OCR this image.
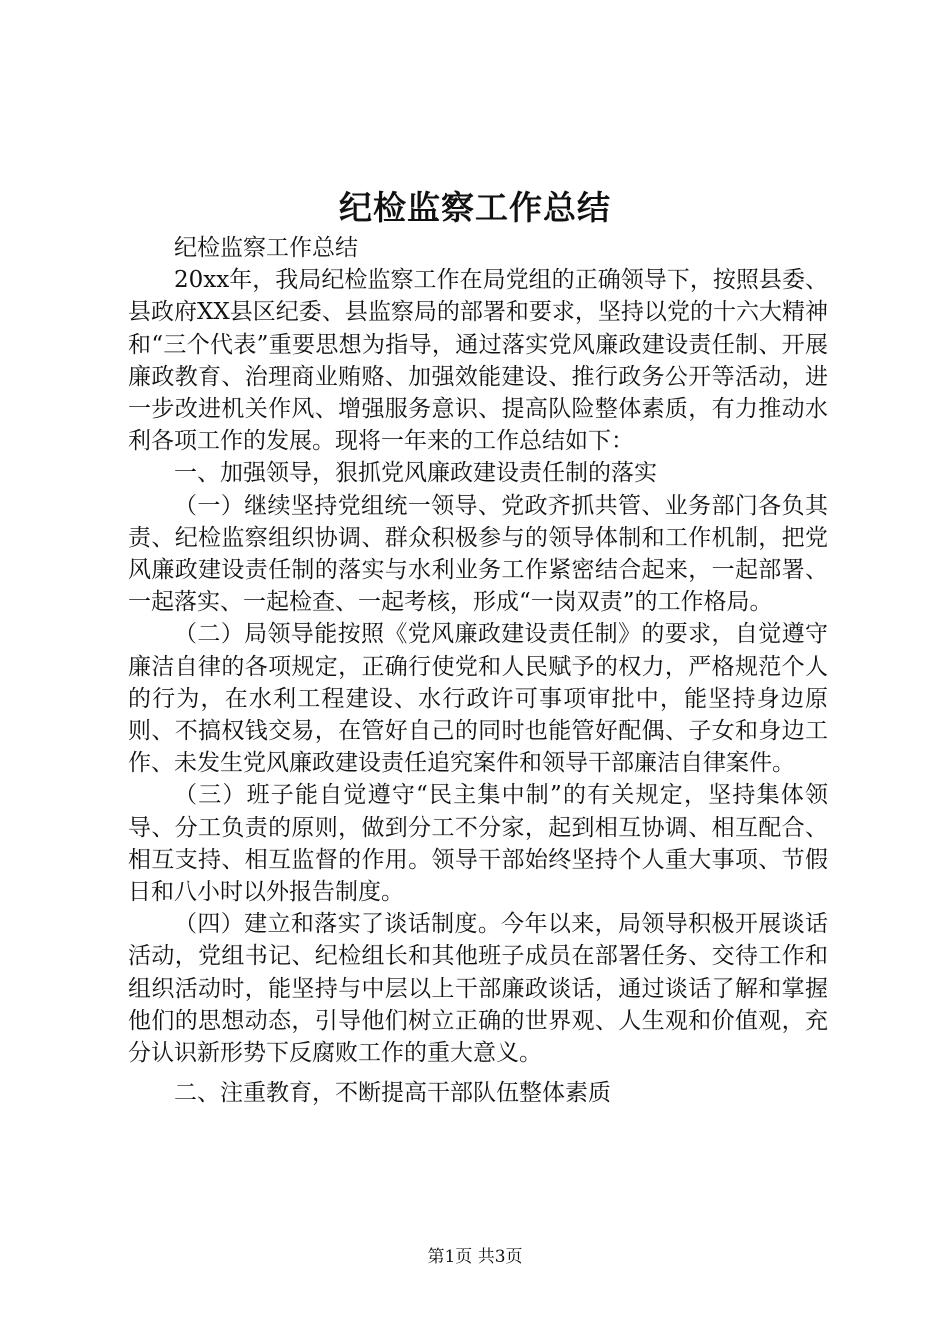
纪检监察工作总结

纪检监察工作总结

20xx年，我局纪检监察工作在局党组的正确领导下，按照县委、县政府XX县区纪委、县监察局的部署和要求，坚持以党的十六大精神和“三个代表”重要思想为指导，通过落实党风廉政建设责任制、开展廉政教育、治理商业贿赂、加强效能建设、推行政务公开等活动，进一步改进机关作风、增强服务意识、提高队险整体素质，有力推动水利各项工作的发展。现将一年来的工作总结如下：

一、加强领导，狠抓党风廉政建设责任制的落实

（一）继续坚持党组统一领导、党政齐抓共管、业务部门各负其责、纪检监察组织协调、群众积极参与的领导体制和工作机制，把党风廉政建设责任制的落实与水利业务工作紧密结合起来，一起部署、一起落实、一起检查、一起考核，形成“一岗双责”的工作格局。

（二）局领导能按照《党风廉政建设责任制》的要求，自觉遵守廉洁自律的各项规定，正确行使党和人民赋予的权力，严格规范个人的行为，在水利工程建设、水行政许可事项审批中，能坚持身边原则、不搞权钱交易，在管好自己的同时也能管好配偶、子女和身边工作、未发生党风廉政建设责任追究案件和领导干部廉洁自律案件。

（三）班子能自觉遵守“民主集中制”的有关规定，坚持集体领导、分工负责的原则，做到分工不分家，起到相互协调、相互配合、相互支持、相互监督的作用。领导干部始终坚持个人重大事项、节假日和八小时以外报告制度。

（四）建立和落实了谈话制度。今年以来，局领导积极开展谈话活动，党组书记、纪检组长和其他班子成员在部署任务、交待工作和组织活动时，能坚持与中层以上干部廉政谈话，通过谈话了解和掌握他们的思想动态，引导他们树立正确的世界观、人生观和价值观，充分认识新形势下反腐败工作的重大意义。

二、注重教育，不断提高干部队伍整体素质

第1页 共3页
